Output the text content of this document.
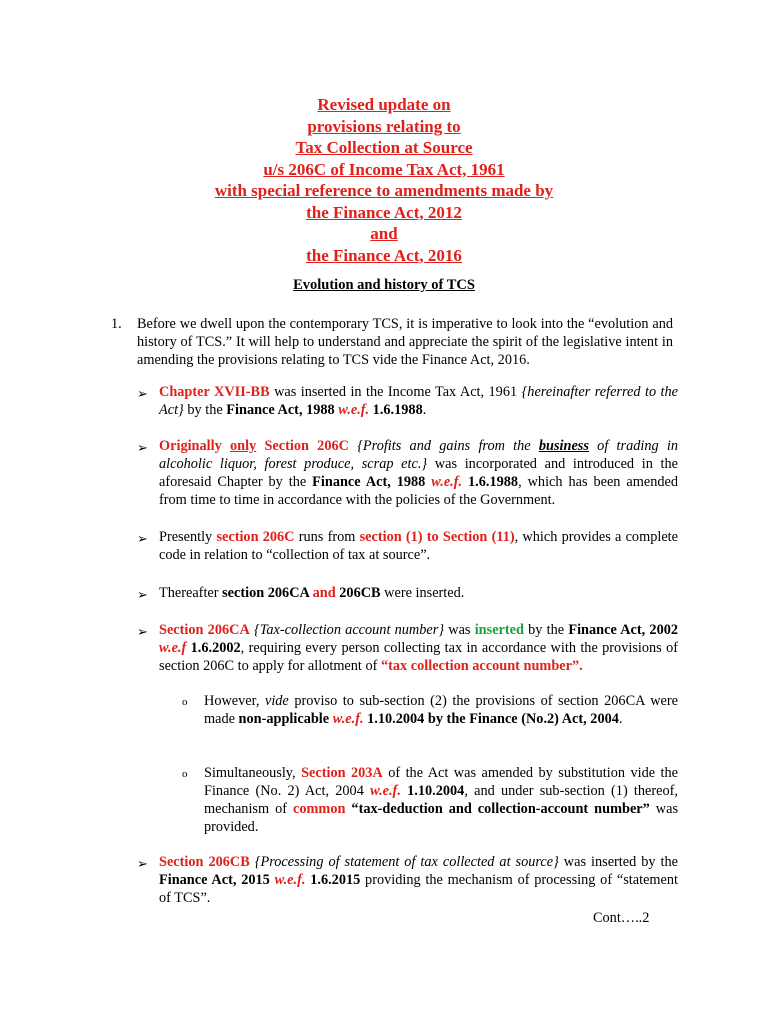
Revised update on
provisions relating to
Tax Collection at Source
u/s 206C of Income Tax Act, 1961
with special reference to amendments made by
the Finance Act, 2012
and
the Finance Act, 2016
Evolution and history of TCS
1. Before we dwell upon the contemporary TCS, it is imperative to look into the “evolution and history of TCS.” It will help to understand and appreciate the spirit of the legislative intent in amending the provisions relating to TCS vide the Finance Act, 2016.
➢ Chapter XVII-BB was inserted in the Income Tax Act, 1961 {hereinafter referred to the Act} by the Finance Act, 1988 w.e.f. 1.6.1988.
➢ Originally only Section 206C {Profits and gains from the business of trading in alcoholic liquor, forest produce, scrap etc.} was incorporated and introduced in the aforesaid Chapter by the Finance Act, 1988 w.e.f. 1.6.1988, which has been amended from time to time in accordance with the policies of the Government.
➢ Presently section 206C runs from section (1) to Section (11), which provides a complete code in relation to “collection of tax at source”.
➢ Thereafter section 206CA and 206CB were inserted.
➢ Section 206CA {Tax-collection account number} was inserted by the Finance Act, 2002 w.e.f 1.6.2002, requiring every person collecting tax in accordance with the provisions of section 206C to apply for allotment of “tax collection account number”.
o However, vide proviso to sub-section (2) the provisions of section 206CA were made non-applicable w.e.f. 1.10.2004 by the Finance (No.2) Act, 2004.
o Simultaneously, Section 203A of the Act was amended by substitution vide the Finance (No. 2) Act, 2004 w.e.f. 1.10.2004, and under sub-section (1) thereof, mechanism of common “tax-deduction and collection-account number” was provided.
➢ Section 206CB {Processing of statement of tax collected at source} was inserted by the Finance Act, 2015 w.e.f. 1.6.2015 providing the mechanism of processing of “statement of TCS”.
Cont…..2
